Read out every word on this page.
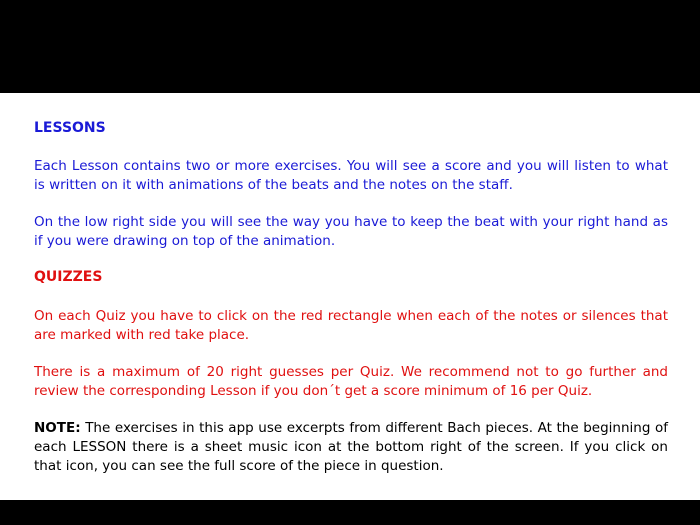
LESSONS

Each Lesson contains two or more exercises. You will see a score and you will listen to what is written on it with animations of the beats and the notes on the staff.

On the low right side you will see the way you have to keep the beat with your right hand as if you were drawing on top of the animation.

QUIZZES

On each Quiz you have to click on the red rectangle when each of the notes or silences that are marked with red take place.

There is a maximum of 20 right guesses per Quiz. We recommend not to go further and review the corresponding Lesson if you don´t get a score minimum of 16 per Quiz.

NOTE: The exercises in this app use excerpts from different Bach pieces. At the beginning of each LESSON there is a sheet music icon at the bottom right of the screen. If you click on that icon, you can see the full score of the piece in question.
